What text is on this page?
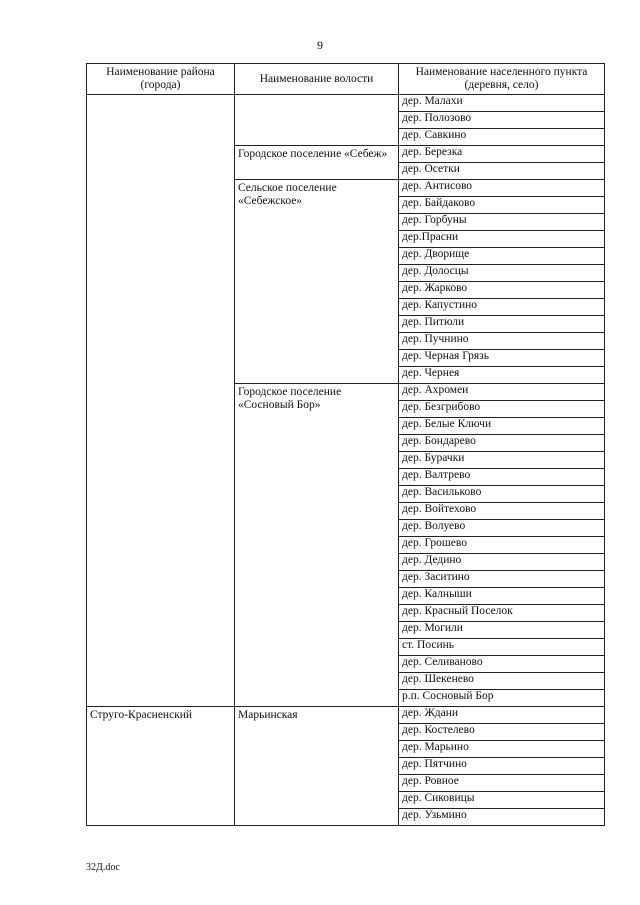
9
Наименование района (города)	Наименование волости	Наименование населенного пункта (деревня, село)
		дер. Малахи
		дер. Полозово
		дер. Савкино
	Городское поселение «Себеж»	дер. Березка
		дер. Осетки
	Сельское поселение «Себежское»	дер. Антисово
		дер. Байдаково
		дер. Горбуны
		дер.Прасни
		дер. Дворище
		дер. Долосцы
		дер. Жарково
		дер. Капустино
		дер. Питюли
		дер. Пучнино
		дер. Черная Грязь
		дер. Чернея
	Городское поселение «Сосновый Бор»	дер. Ахромеи
		дер. Безгрибово
		дер. Белые Ключи
		дер. Бондарево
		дер. Бурачки
		дер. Валтрево
		дер. Васильково
		дер. Войтехово
		дер. Волуево
		дер. Грошево
		дер. Дедино
		дер. Заситино
		дер. Калныши
		дер. Красный Поселок
		дер. Могили
		ст. Посинь
		дер. Селиваново
		дер. Шекенево
		р.п. Сосновый Бор
Струго-Красненский	Марьинская	дер. Ждани
		дер. Костелево
		дер. Марьино
		дер. Пятчино
		дер. Ровное
		дер. Сиковицы
		дер. Узьмино
32Д.doc
